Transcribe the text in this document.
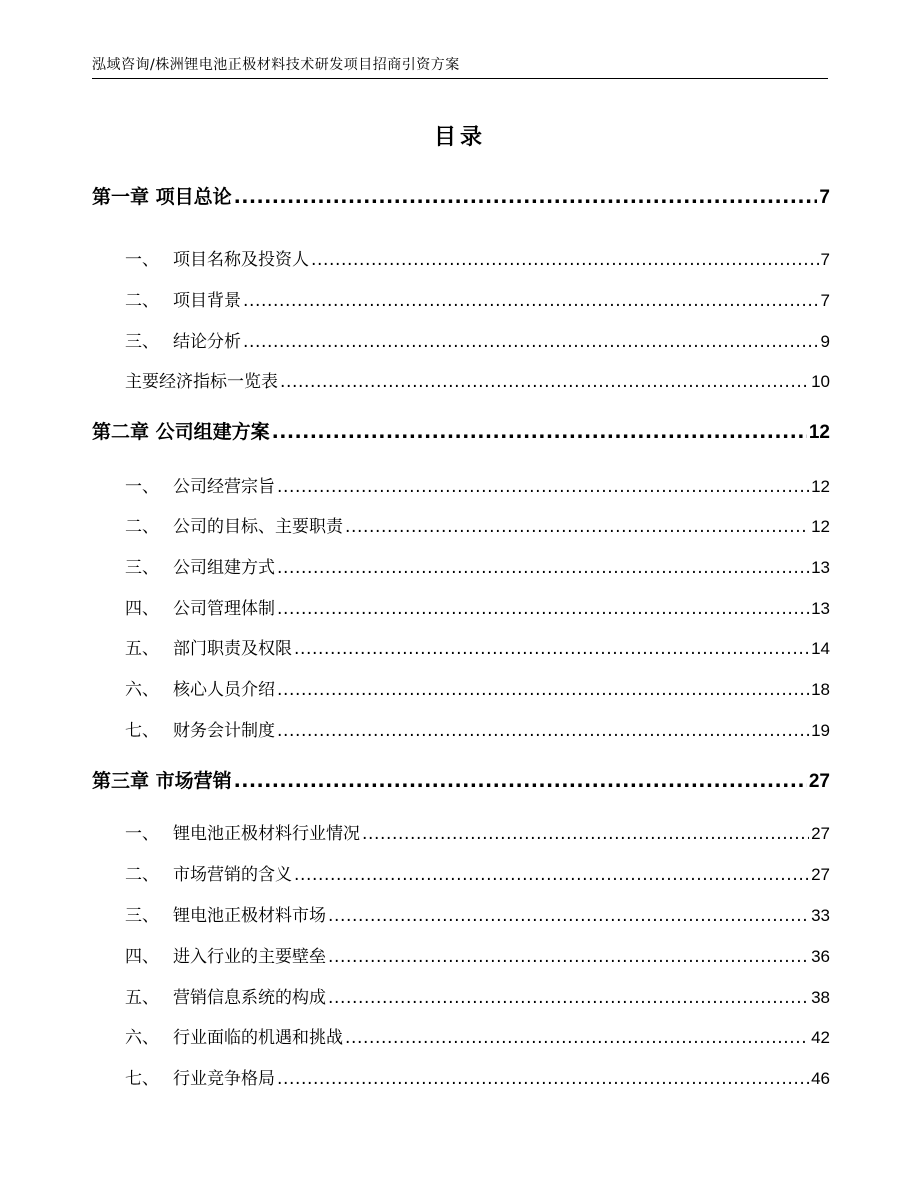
泓域咨询/株洲锂电池正极材料技术研发项目招商引资方案
目录
第一章 项目总论 .....	7
一、 项目名称及投资人 .....	7
二、 项目背景 .....	7
三、 结论分析 .....	9
主要经济指标一览表 .....	10
第二章 公司组建方案 .....	12
一、 公司经营宗旨 .....	12
二、 公司的目标、主要职责 .....	12
三、 公司组建方式 .....	13
四、 公司管理体制 .....	13
五、 部门职责及权限 .....	14
六、 核心人员介绍 .....	18
七、 财务会计制度 .....	19
第三章 市场营销 .....	27
一、 锂电池正极材料行业情况 .....	27
二、 市场营销的含义 .....	27
三、 锂电池正极材料市场 .....	33
四、 进入行业的主要壁垒 .....	36
五、 营销信息系统的构成 .....	38
六、 行业面临的机遇和挑战 .....	42
七、 行业竞争格局 .....	46
